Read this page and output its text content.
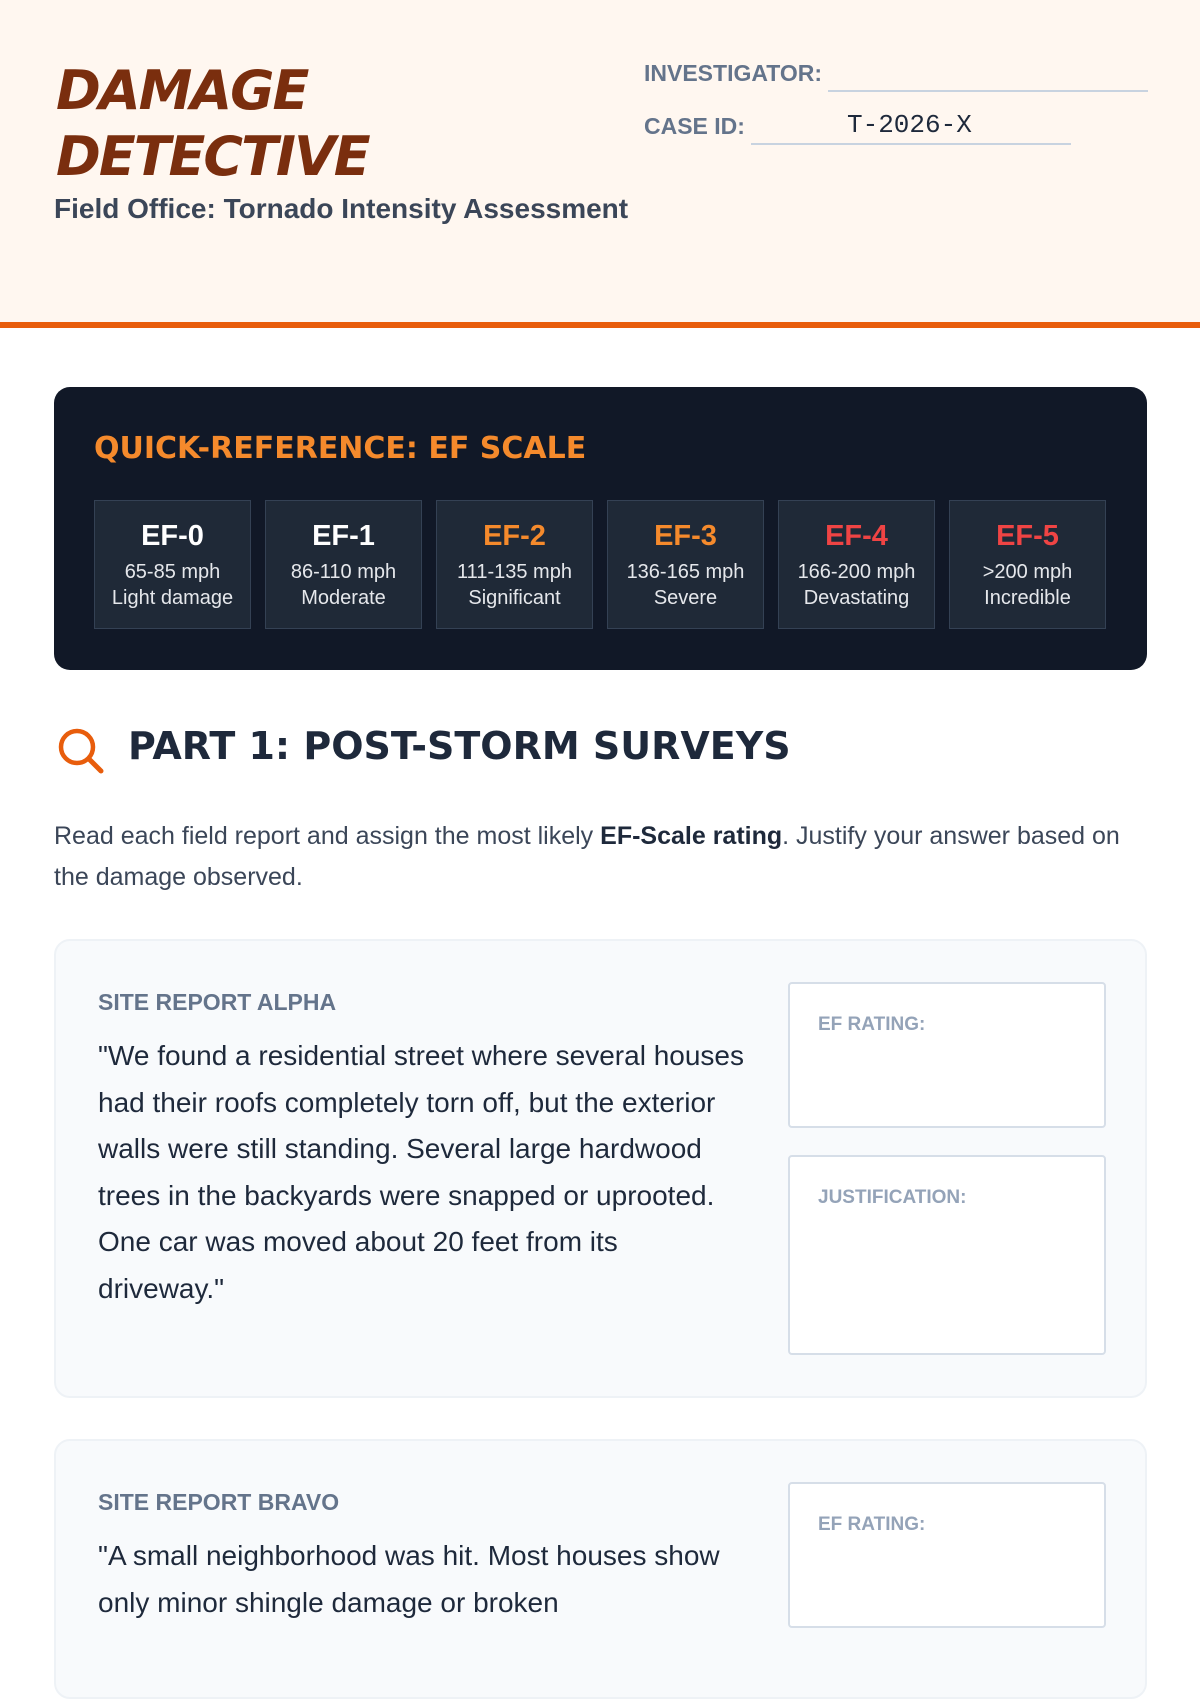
DAMAGE DETECTIVE
Field Office: Tornado Intensity Assessment
INVESTIGATOR:
CASE ID:	T-2026-X
QUICK-REFERENCE: EF SCALE
EF-0
65-85 mph
Light damage
EF-1
86-110 mph
Moderate
EF-2
111-135 mph
Significant
EF-3
136-165 mph
Severe
EF-4
166-200 mph
Devastating
EF-5
>200 mph
Incredible
PART 1: POST-STORM SURVEYS
Read each field report and assign the most likely EF-Scale rating. Justify your answer based on the damage observed.
SITE REPORT ALPHA

"We found a residential street where several houses had their roofs completely torn off, but the exterior walls were still standing. Several large hardwood trees in the backyards were snapped or uprooted. One car was moved about 20 feet from its driveway."

EF RATING:
JUSTIFICATION:
SITE REPORT BRAVO

"A small neighborhood was hit. Most houses show only minor shingle damage or broken

EF RATING:
